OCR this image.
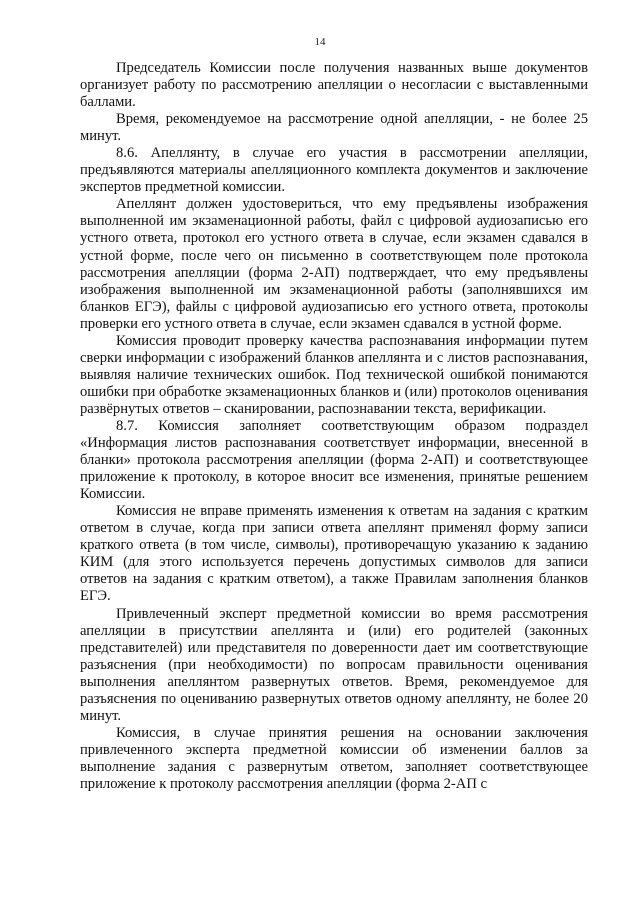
14

Председатель Комиссии после получения названных выше документов организует работу по рассмотрению апелляции о несогласии с выставленными баллами.

Время, рекомендуемое на рассмотрение одной апелляции, - не более 25 минут.

8.6. Апеллянту, в случае его участия в рассмотрении апелляции, предъявляются материалы апелляционного комплекта документов и заключение экспертов предметной комиссии.

Апеллянт должен удостовериться, что ему предъявлены изображения выполненной им экзаменационной работы, файл с цифровой аудиозаписью его устного ответа, протокол его устного ответа в случае, если экзамен сдавался в устной форме, после чего он письменно в соответствующем поле протокола рассмотрения апелляции (форма 2-АП) подтверждает, что ему предъявлены изображения выполненной им экзаменационной работы (заполнявшихся им бланков ЕГЭ), файлы с цифровой аудиозаписью его устного ответа, протоколы проверки его устного ответа в случае, если экзамен сдавался в устной форме.

Комиссия проводит проверку качества распознавания информации путем сверки информации с изображений бланков апеллянта и с листов распознавания, выявляя наличие технических ошибок. Под технической ошибкой понимаются ошибки при обработке экзаменационных бланков и (или) протоколов оценивания развёрнутых ответов – сканировании, распознавании текста, верификации.

8.7. Комиссия заполняет соответствующим образом подраздел «Информация листов распознавания соответствует информации, внесенной в бланки» протокола рассмотрения апелляции (форма 2-АП) и соответствующее приложение к протоколу, в которое вносит все изменения, принятые решением Комиссии.

Комиссия не вправе применять изменения к ответам на задания с кратким ответом в случае, когда при записи ответа апеллянт применял форму записи краткого ответа (в том числе, символы), противоречащую указанию к заданию КИМ (для этого используется перечень допустимых символов для записи ответов на задания с кратким ответом), а также Правилам заполнения бланков ЕГЭ.

Привлеченный эксперт предметной комиссии во время рассмотрения апелляции в присутствии апеллянта и (или) его родителей (законных представителей) или представителя по доверенности дает им соответствующие разъяснения (при необходимости) по вопросам правильности оценивания выполнения апеллянтом развернутых ответов. Время, рекомендуемое для разъяснения по оцениванию развернутых ответов одному апеллянту, не более 20 минут.

Комиссия, в случае принятия решения на основании заключения привлеченного эксперта предметной комиссии об изменении баллов за выполнение задания с развернутым ответом, заполняет соответствующее приложение к протоколу рассмотрения апелляции (форма 2-АП с
